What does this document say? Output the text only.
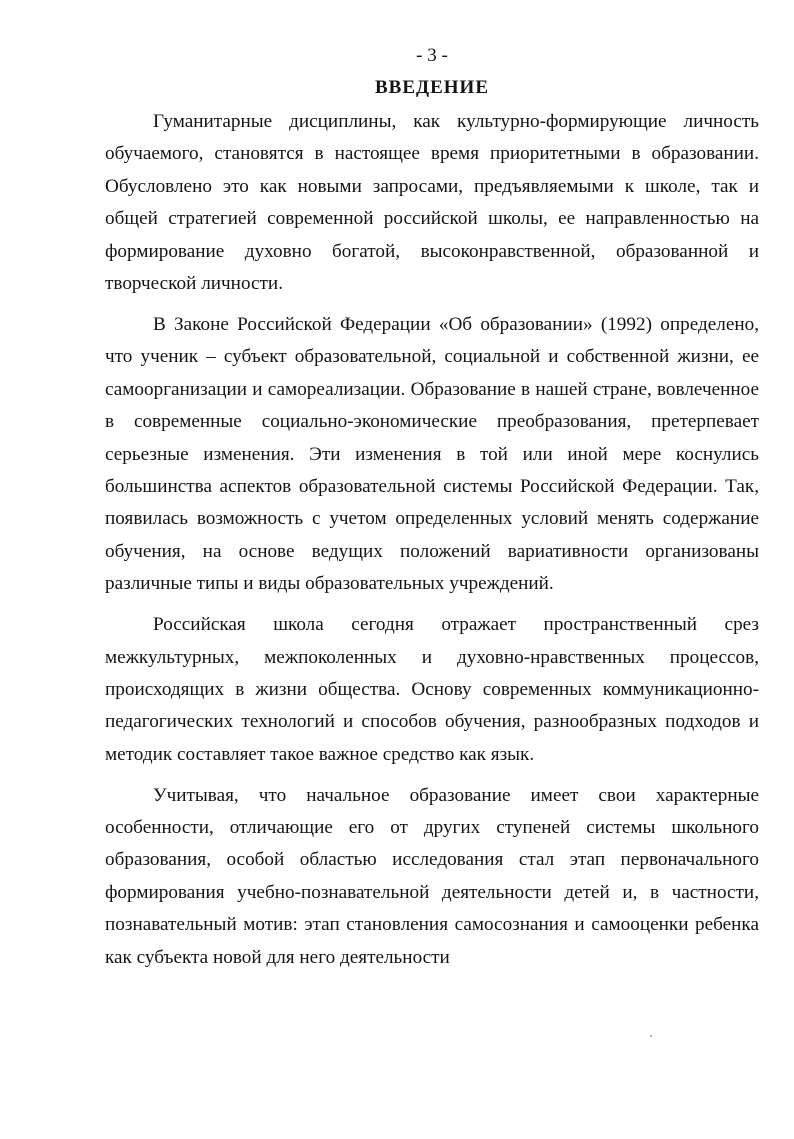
- 3 -
ВВЕДЕНИЕ

Гуманитарные дисциплины, как культурно-формирующие личность обучаемого, становятся в настоящее время приоритетными в образовании. Обусловлено это как новыми запросами, предъявляемыми к школе, так и общей стратегией современной российской школы, ее направленностью на формирование духовно богатой, высоконравственной, образованной и творческой личности.

В Законе Российской Федерации «Об образовании» (1992) определено, что ученик – субъект образовательной, социальной и собственной жизни, ее самоорганизации и самореализации. Образование в нашей стране, вовлеченное в современные социально-экономические преобразования, претерпевает серьезные изменения. Эти изменения в той или иной мере коснулись большинства аспектов образовательной системы Российской Федерации. Так, появилась возможность с учетом определенных условий менять содержание обучения, на основе ведущих положений вариативности организованы различные типы и виды образовательных учреждений.

Российская школа сегодня отражает пространственный срез межкультурных, межпоколенных и духовно-нравственных процессов, происходящих в жизни общества. Основу современных коммуникационно-педагогических технологий и способов обучения, разнообразных подходов и методик составляет такое важное средство как язык.

Учитывая, что начальное образование имеет свои характерные особенности, отличающие его от других ступеней системы школьного образования, особой областью исследования стал этап первоначального формирования учебно-познавательной деятельности детей и, в частности, познавательный мотив: этап становления самосознания и самооценки ребенка как субъекта новой для него деятельности
